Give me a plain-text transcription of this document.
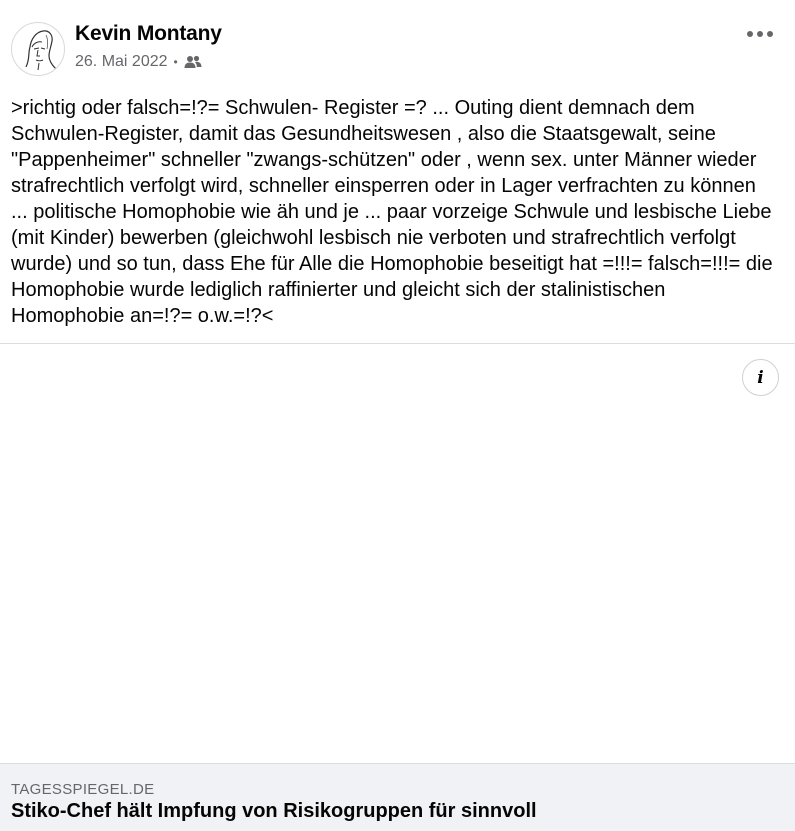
Kevin Montany
26. Mai 2022 •
>richtig oder falsch=!?= Schwulen- Register =? ... Outing dient demnach dem Schwulen-Register, damit das Gesundheitswesen , also die Staatsgewalt, seine "Pappenheimer" schneller "zwangs-schützen" oder , wenn sex. unter Männer wieder strafrechtlich verfolgt wird, schneller einsperren oder in Lager verfrachten zu können  ... politische Homophobie wie äh und je ... paar vorzeige Schwule und lesbische Liebe (mit Kinder) bewerben (gleichwohl lesbisch nie verboten und strafrechtlich verfolgt wurde) und so tun, dass Ehe für Alle die Homophobie beseitigt hat =!!!= falsch=!!!= die Homophobie wurde lediglich raffinierter und gleicht sich der stalinistischen Homophobie an=!?= o.w.=!?<
i
TAGESSPIEGEL.DE
Stiko-Chef hält Impfung von Risikogruppen für sinnvoll
